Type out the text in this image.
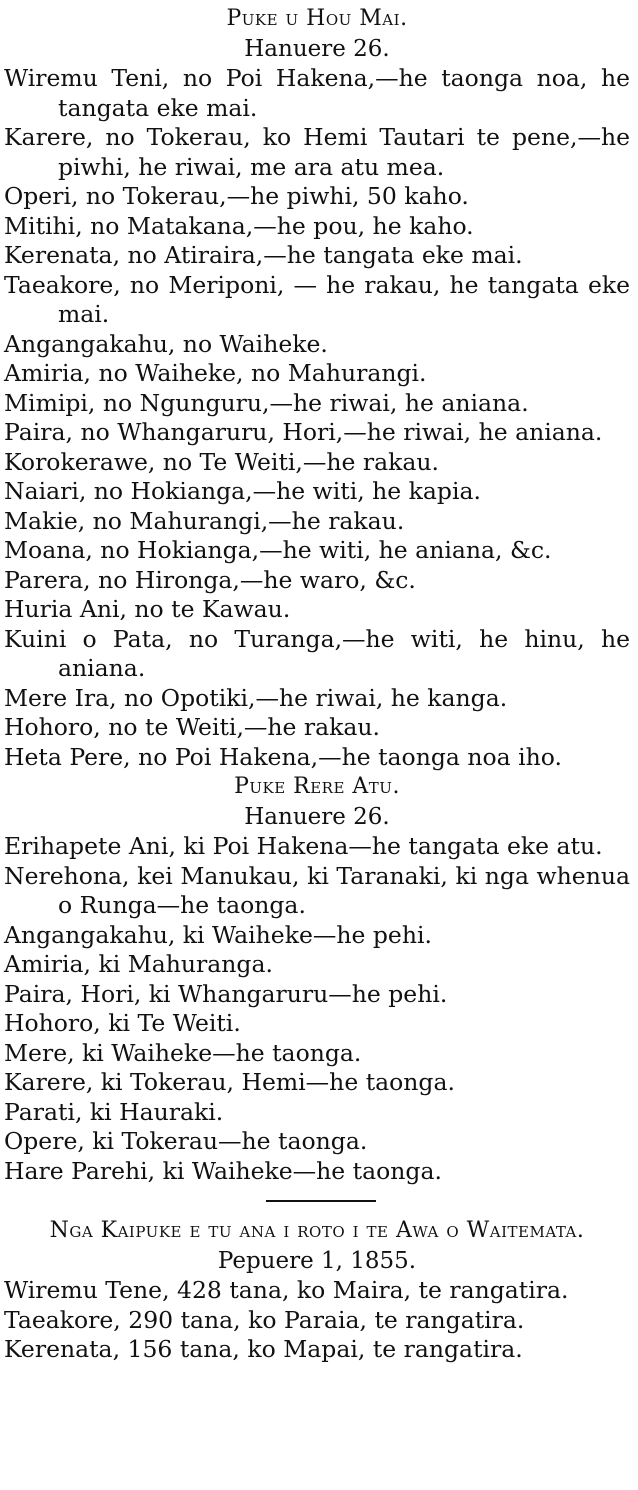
Puke u Hou Mai.
Hanuere 26.

Wiremu Teni, no Poi Hakena,—he taonga noa, he tangata eke mai.

Karere, no Tokerau, ko Hemi Tautari te pene,—he piwhi, he riwai, me ara atu mea.

Operi, no Tokerau,—he piwhi, 50 kaho.

Mitihi, no Matakana,—he pou, he kaho.

Kerenata, no Atiraira,—he tangata eke mai.

Taeakore, no Meriponi, — he rakau, he tangata eke mai.

Angangakahu, no Waiheke.

Amiria, no Waiheke, no Mahurangi.

Mimipi, no Ngunguru,—he riwai, he aniana.

Paira, no Whangaruru, Hori,—he riwai, he aniana.

Korokerawe, no Te Weiti,—he rakau.

Naiari, no Hokianga,—he witi, he kapia.

Makie, no Mahurangi,—he rakau.

Moana, no Hokianga,—he witi, he aniana, &c.

Parera, no Hironga,—he waro, &c.

Huria Ani, no te Kawau.

Kuini o Pata, no Turanga,—he witi, he hinu, he aniana.

Mere Ira, no Opotiki,—he riwai, he kanga.

Hohoro, no te Weiti,—he rakau.

Heta Pere, no Poi Hakena,—he taonga noa iho.

Puke Rere Atu.
Hanuere 26.

Erihapete Ani, ki Poi Hakena—he tangata eke atu.

Nerehona, kei Manukau, ki Taranaki, ki nga whenua o Runga—he taonga.

Angangakahu, ki Waiheke—he pehi.

Amiria, ki Mahuranga.

Paira, Hori, ki Whangaruru—he pehi.

Hohoro, ki Te Weiti.

Mere, ki Waiheke—he taonga.

Karere, ki Tokerau, Hemi—he taonga.

Parati, ki Hauraki.

Opere, ki Tokerau—he taonga.

Hare Parehi, ki Waiheke—he taonga.

Nga Kaipuke e tu ana i roto i te Awa o Waitemata.
Pepuere 1, 1855.

Wiremu Tene, 428 tana, ko Maira, te rangatira.

Taeakore, 290 tana, ko Paraia, te rangatira.

Kerenata, 156 tana, ko Mapai, te rangatira.
